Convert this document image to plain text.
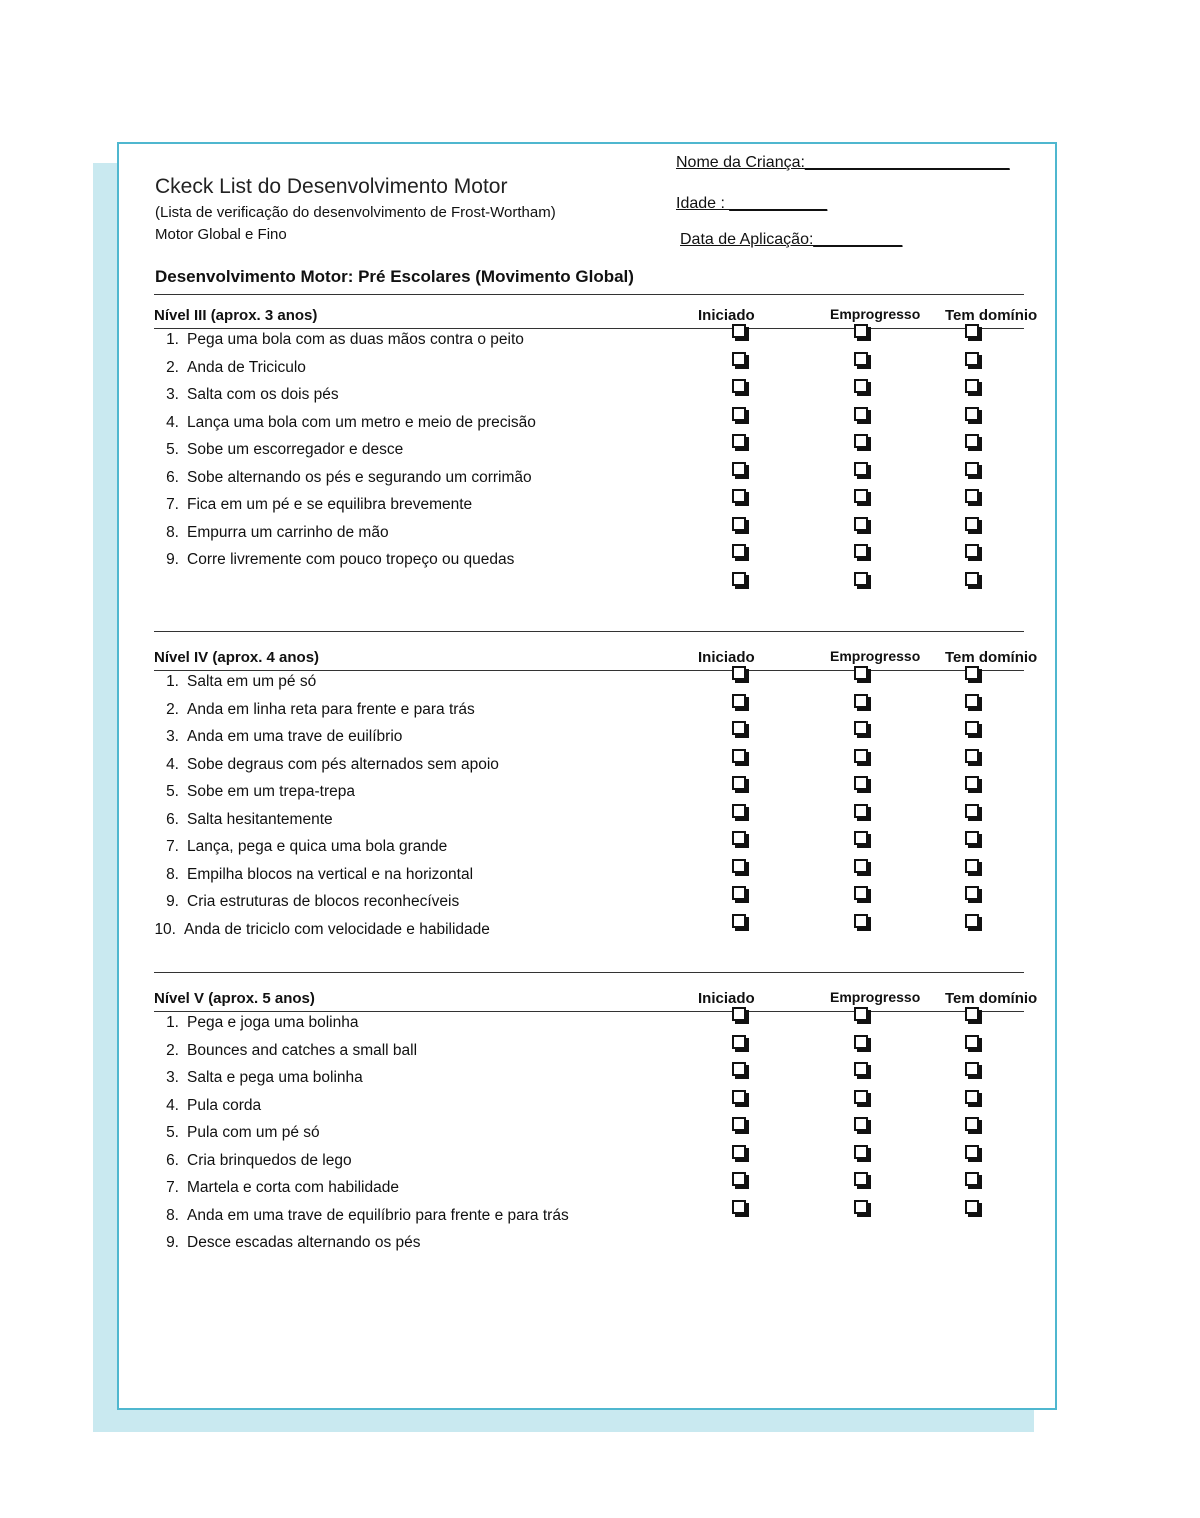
Ckeck List do Desenvolvimento Motor
(Lista de verificação do desenvolvimento de Frost-Wortham)
Motor Global e Fino
Nome da Criança:_______________________
Idade : ___________
Data de Aplicação:__________
Desenvolvimento Motor: Pré Escolares (Movimento Global)
Nível III (aprox. 3 anos)	Iniciado	Emprogresso Tem domínio
1. Pega uma bola com as duas mãos contra o peito
2. Anda de Triciculo
3. Salta com os dois pés
4. Lança uma bola com um metro e meio de precisão
5. Sobe um escorregador e desce
6. Sobe alternando os pés e segurando um corrimão
7. Fica em um pé e se equilibra brevemente
8. Empurra um carrinho de mão
9. Corre livremente com pouco tropeço ou quedas
Nível IV (aprox. 4 anos)	Iniciado	Emprogresso Tem domínio
1. Salta em um pé só
2. Anda em linha reta para frente e para trás
3. Anda em uma trave de euilíbrio
4. Sobe degraus com pés alternados sem apoio
5. Sobe em um trepa-trepa
6. Salta hesitantemente
7. Lança, pega e quica uma bola grande
8. Empilha blocos na vertical e na horizontal
9. Cria estruturas de blocos reconhecíveis
10. Anda de triciclo com velocidade e habilidade
Nível V (aprox. 5 anos)	Iniciado	Emprogresso Tem domínio
1. Pega e joga uma bolinha
2. Bounces and catches a small ball
3. Salta e pega uma bolinha
4. Pula corda
5. Pula com um pé só
6. Cria brinquedos de lego
7. Martela e corta com habilidade
8. Anda em uma trave de equilíbrio para frente e para trás
9. Desce escadas alternando os pés
